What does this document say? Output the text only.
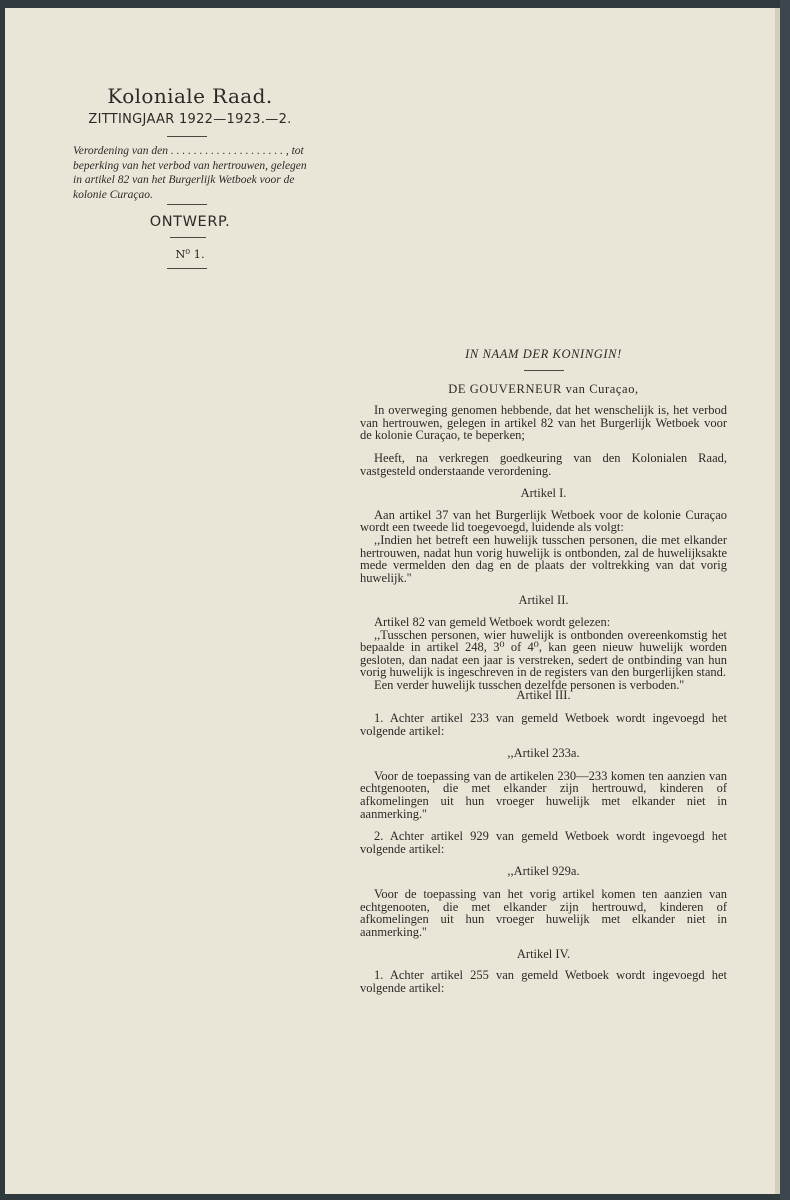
Koloniale Raad.
ZITTINGJAAR 1922—1923.—2.
Verordening van den . . . . . . . . . . . . . . . . . . . . , tot beperking van het verbod van hertrouwen, gelegen in artikel 82 van het Burgerlijk Wetboek voor de kolonie Curaçao.
ONTWERP.
N⁰ 1.
IN NAAM DER KONINGIN!
DE GOUVERNEUR van Curaçao,

In overweging genomen hebbende, dat het wenschelijk is, het verbod van hertrouwen, gelegen in artikel 82 van het Burgerlijk Wetboek voor de kolonie Curaçao, te beperken;

Heeft, na verkregen goedkeuring van den Kolonialen Raad, vastgesteld onderstaande verordening.

Artikel I.

Aan artikel 37 van het Burgerlijk Wetboek voor de kolonie Curaçao wordt een tweede lid toegevoegd, luidende als volgt:

,,Indien het betreft een huwelijk tusschen personen, die met elkander hertrouwen, nadat hun vorig huwelijk is ontbonden, zal de huwelijksakte mede vermelden den dag en de plaats der voltrekking van dat vorig huwelijk.''

Artikel II.

Artikel 82 van gemeld Wetboek wordt gelezen:

,,Tusschen personen, wier huwelijk is ontbonden overeenkomstig het bepaalde in artikel 248, 3⁰ of 4⁰, kan geen nieuw huwelijk worden gesloten, dan nadat een jaar is verstreken, sedert de ontbinding van hun vorig huwelijk is ingeschreven in de registers van den burgerlijken stand.

Een verder huwelijk tusschen dezelfde personen is verboden.''

Artikel III.

1. Achter artikel 233 van gemeld Wetboek wordt ingevoegd het volgende artikel:

,,Artikel 233a.

Voor de toepassing van de artikelen 230—233 komen ten aanzien van echtgenooten, die met elkander zijn hertrouwd, kinderen of afkomelingen uit hun vroeger huwelijk met elkander niet in aanmerking.''

2. Achter artikel 929 van gemeld Wetboek wordt ingevoegd het volgende artikel:

,,Artikel 929a.

Voor de toepassing van het vorig artikel komen ten aanzien van echtgenooten, die met elkander zijn hertrouwd, kinderen of afkomelingen uit hun vroeger huwelijk met elkander niet in aanmerking.''

Artikel IV.

1. Achter artikel 255 van gemeld Wetboek wordt ingevoegd het volgende artikel:
